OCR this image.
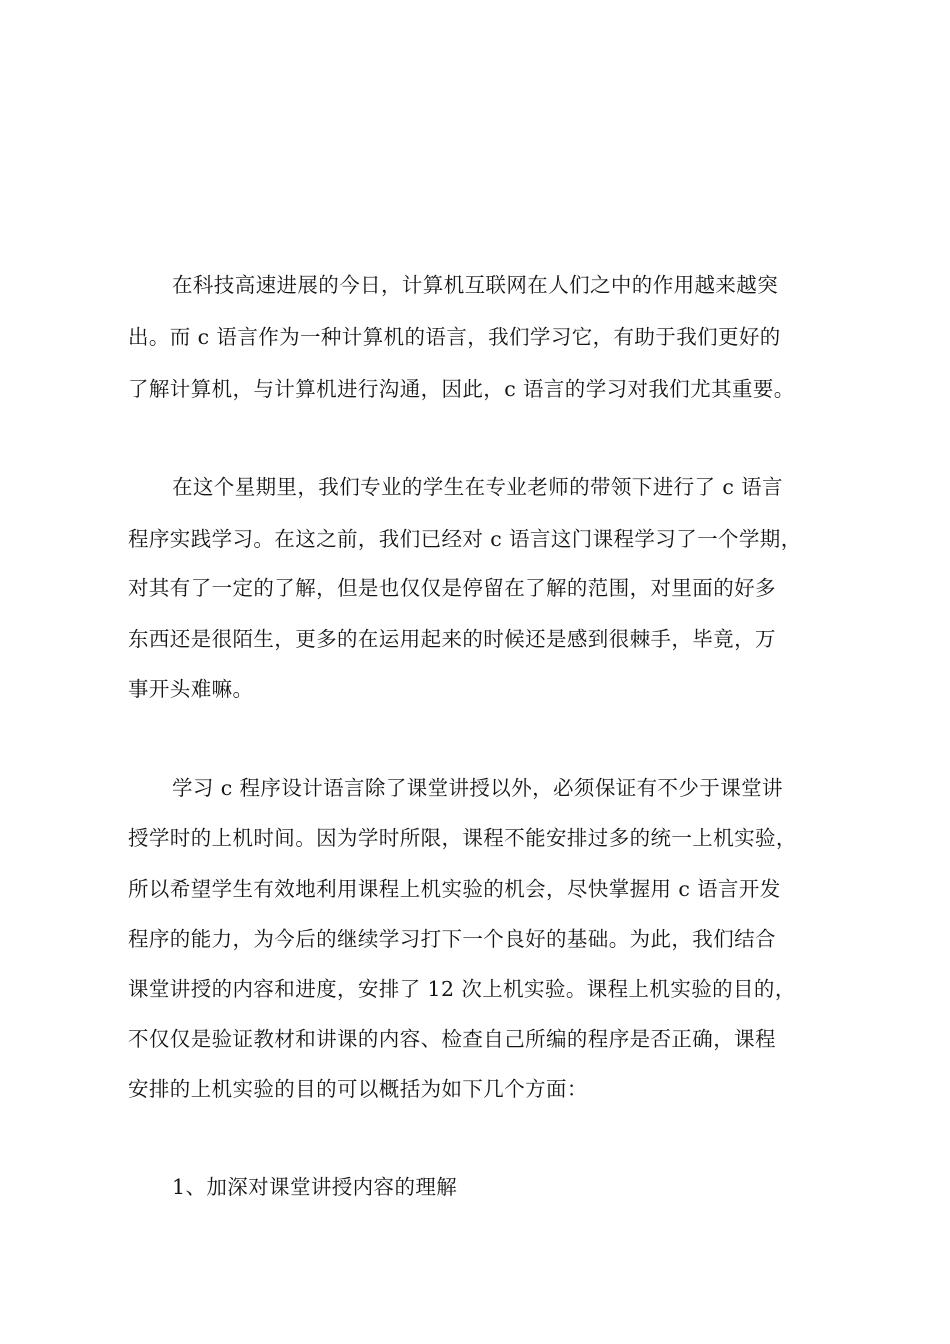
在科技高速进展的今日，计算机互联网在人们之中的作用越来越突
出。而 c 语言作为一种计算机的语言，我们学习它，有助于我们更好的
了解计算机，与计算机进行沟通，因此，c 语言的学习对我们尤其重要。
在这个星期里，我们专业的学生在专业老师的带领下进行了 c 语言
程序实践学习。在这之前，我们已经对 c 语言这门课程学习了一个学期，
对其有了一定的了解，但是也仅仅是停留在了解的范围，对里面的好多
东西还是很陌生，更多的在运用起来的时候还是感到很棘手，毕竟，万
事开头难嘛。
学习 c 程序设计语言除了课堂讲授以外，必须保证有不少于课堂讲
授学时的上机时间。因为学时所限，课程不能安排过多的统一上机实验，
所以希望学生有效地利用课程上机实验的机会，尽快掌握用 c 语言开发
程序的能力，为今后的继续学习打下一个良好的基础。为此，我们结合
课堂讲授的内容和进度，安排了 12 次上机实验。课程上机实验的目的，
不仅仅是验证教材和讲课的内容、检查自己所编的程序是否正确，课程
安排的上机实验的目的可以概括为如下几个方面：
1、加深对课堂讲授内容的理解
